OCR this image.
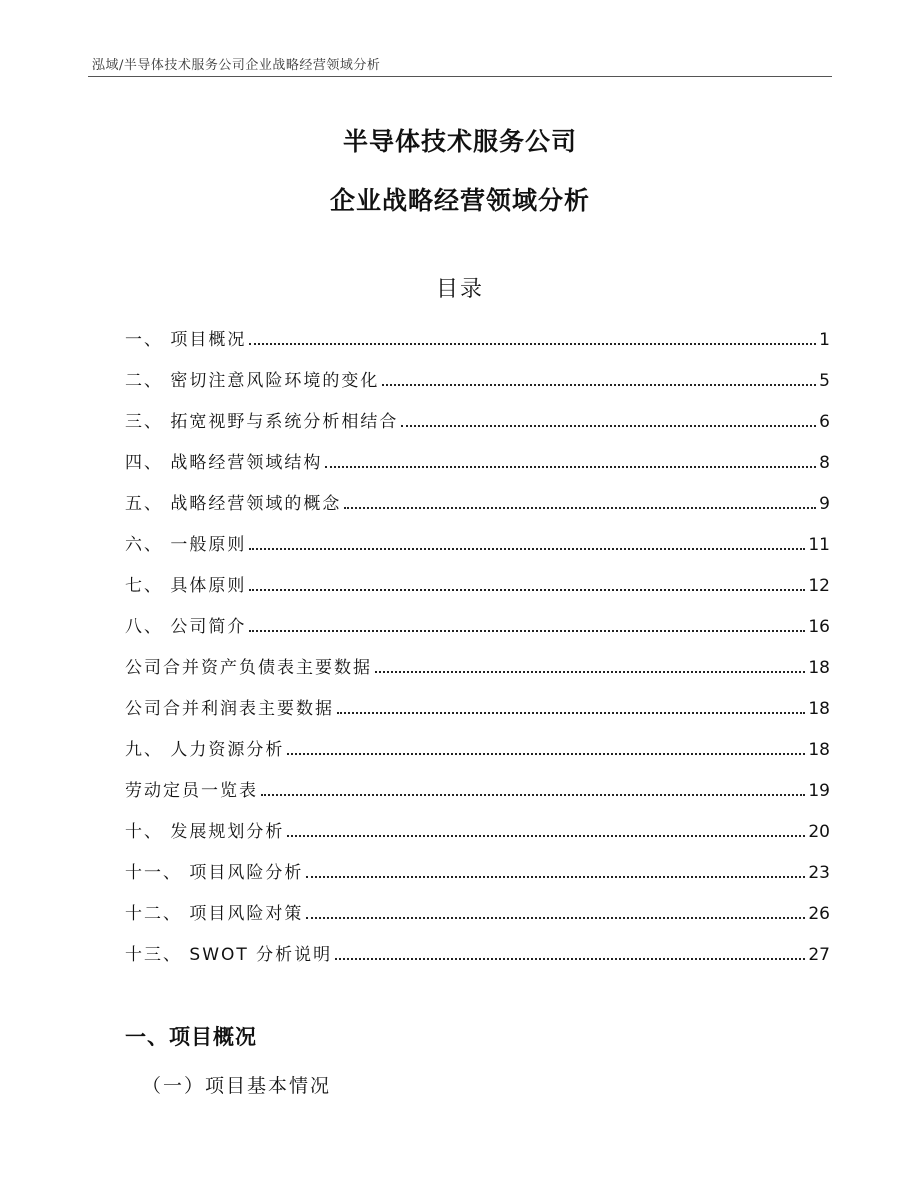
泓域/半导体技术服务公司企业战略经营领域分析
半导体技术服务公司
企业战略经营领域分析
目录
一、 项目概况	1
二、 密切注意风险环境的变化	5
三、 拓宽视野与系统分析相结合	6
四、 战略经营领域结构	8
五、 战略经营领域的概念	9
六、 一般原则	11
七、 具体原则	12
八、 公司简介	16
公司合并资产负债表主要数据	18
公司合并利润表主要数据	18
九、 人力资源分析	18
劳动定员一览表	19
十、 发展规划分析	20
十一、 项目风险分析	23
十二、 项目风险对策	26
十三、 SWOT 分析说明	27
一、项目概况
（一）项目基本情况
